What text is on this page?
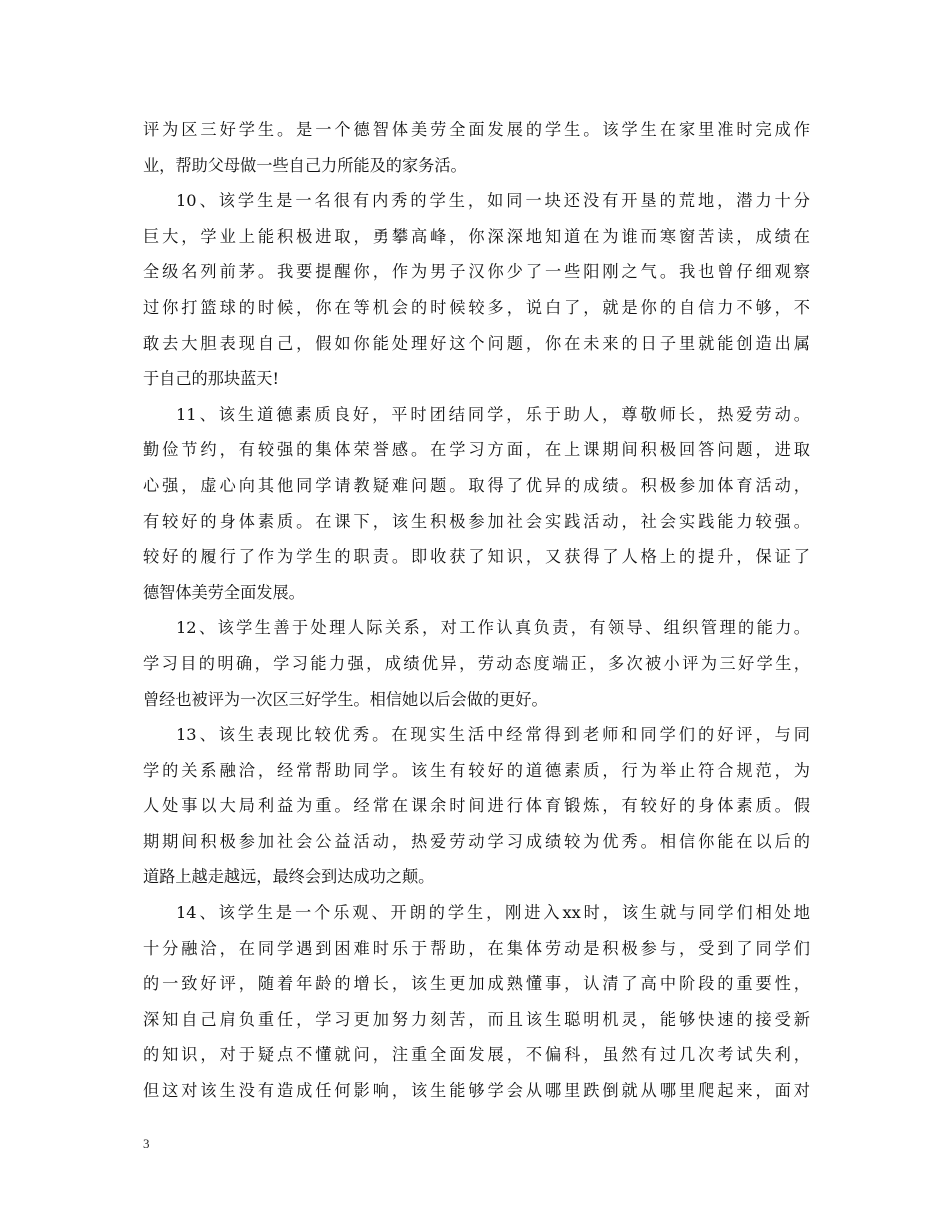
评为区三好学生。是一个德智体美劳全面发展的学生。该学生在家里准时完成作
业，帮助父母做一些自己力所能及的家务活。
10、该学生是一名很有内秀的学生，如同一块还没有开垦的荒地，潜力十分
巨大，学业上能积极进取，勇攀高峰，你深深地知道在为谁而寒窗苦读，成绩在
全级名列前茅。我要提醒你，作为男子汉你少了一些阳刚之气。我也曾仔细观察
过你打篮球的时候，你在等机会的时候较多，说白了，就是你的自信力不够，不
敢去大胆表现自己，假如你能处理好这个问题，你在未来的日子里就能创造出属
于自己的那块蓝天!
11、该生道德素质良好，平时团结同学，乐于助人，尊敬师长，热爱劳动。
勤俭节约，有较强的集体荣誉感。在学习方面，在上课期间积极回答问题，进取
心强，虚心向其他同学请教疑难问题。取得了优异的成绩。积极参加体育活动，
有较好的身体素质。在课下，该生积极参加社会实践活动，社会实践能力较强。
较好的履行了作为学生的职责。即收获了知识，又获得了人格上的提升，保证了
德智体美劳全面发展。
12、该学生善于处理人际关系，对工作认真负责，有领导、组织管理的能力。
学习目的明确，学习能力强，成绩优异，劳动态度端正，多次被小评为三好学生，
曾经也被评为一次区三好学生。相信她以后会做的更好。
13、该生表现比较优秀。在现实生活中经常得到老师和同学们的好评，与同
学的关系融洽，经常帮助同学。该生有较好的道德素质，行为举止符合规范，为
人处事以大局利益为重。经常在课余时间进行体育锻炼，有较好的身体素质。假
期期间积极参加社会公益活动，热爱劳动学习成绩较为优秀。相信你能在以后的
道路上越走越远，最终会到达成功之颠。
14、该学生是一个乐观、开朗的学生，刚进入xx时，该生就与同学们相处地
十分融洽，在同学遇到困难时乐于帮助，在集体劳动是积极参与，受到了同学们
的一致好评，随着年龄的增长，该生更加成熟懂事，认清了高中阶段的重要性，
深知自己肩负重任，学习更加努力刻苦，而且该生聪明机灵，能够快速的接受新
的知识，对于疑点不懂就问，注重全面发展，不偏科，虽然有过几次考试失利，
但这对该生没有造成任何影响，该生能够学会从哪里跌倒就从哪里爬起来，面对
3
